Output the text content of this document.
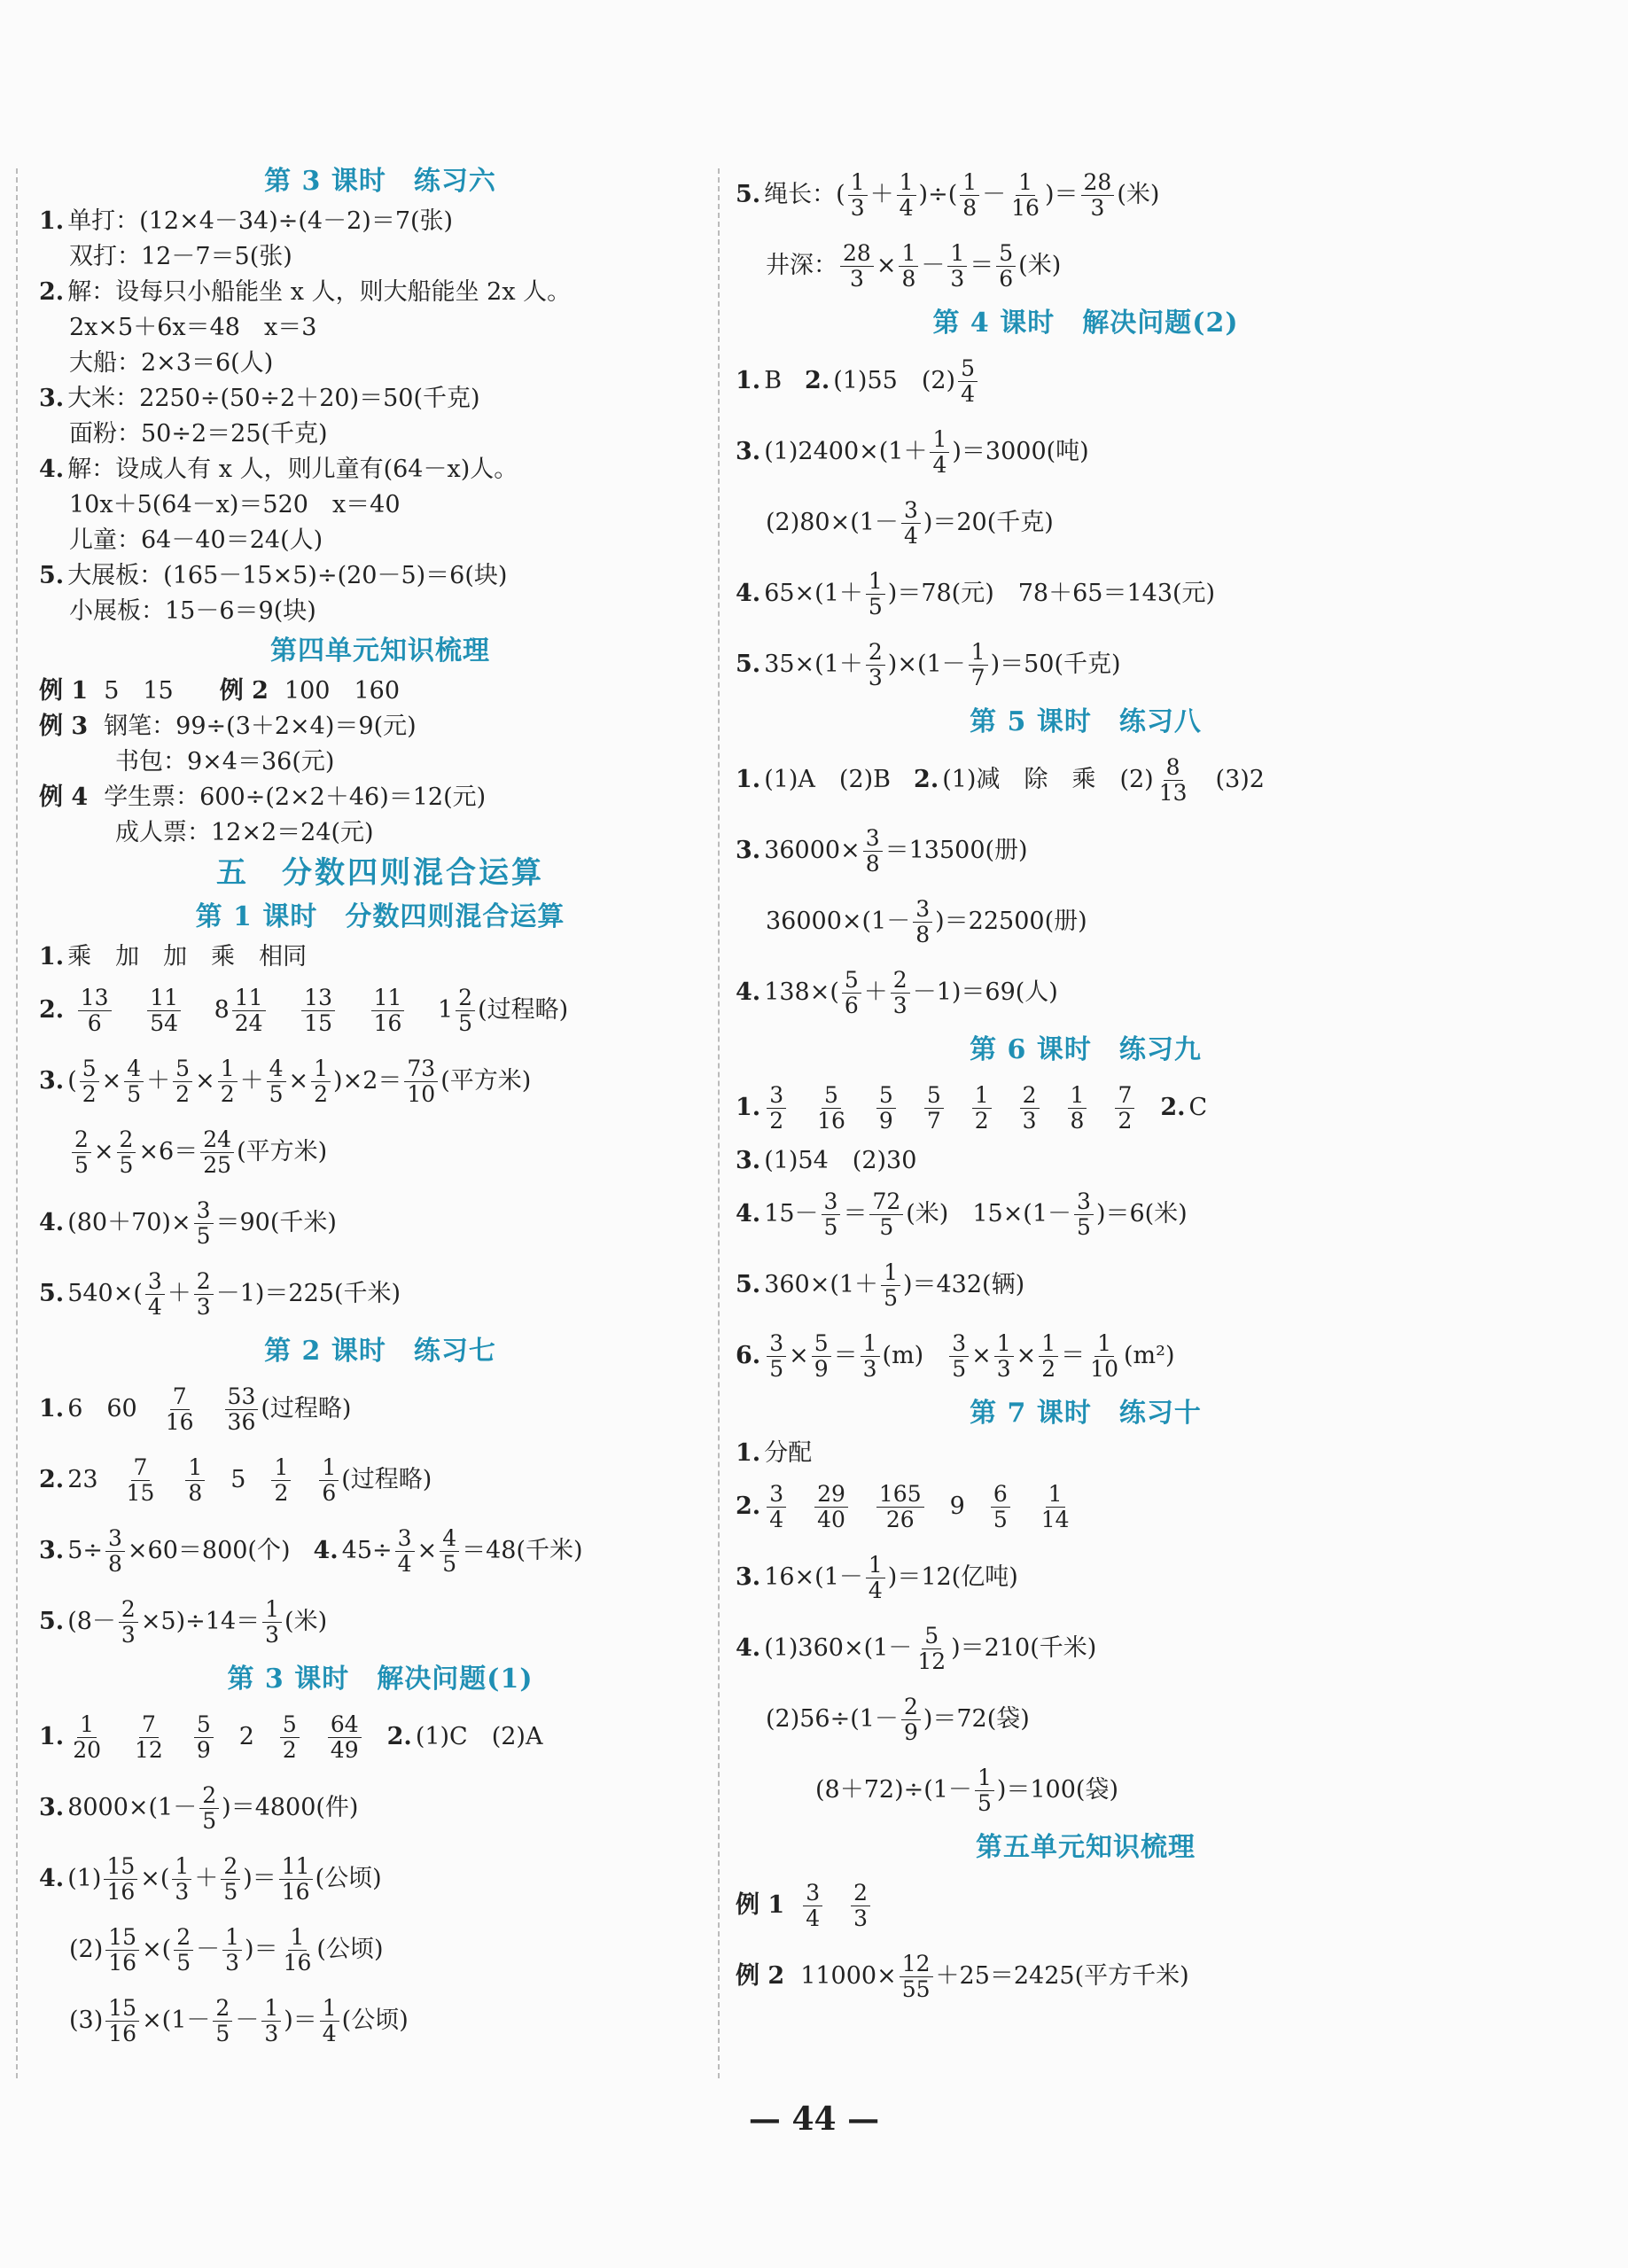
第 3 课时　练习六
1. 单打：(12×4－34)÷(4－2)＝7(张)
双打：12－7＝5(张)
2. 解：设每只小船能坐 x 人，则大船能坐 2x 人。
2x×5＋6x＝48　x＝3
大船：2×3＝6(人)
3. 大米：2250÷(50÷2＋20)＝50(千克)
面粉：50÷2＝25(千克)
4. 解：设成人有 x 人，则儿童有(64－x)人。
10x＋5(64－x)＝520　x＝40
儿童：64－40＝24(人)
5. 大展板：(165－15×5)÷(20－5)＝6(块)
小展板：15－6＝9(块)
第四单元知识梳理
例 1 5　15 例 2 100　160
例 3 钢笔：99÷(3＋2×4)＝9(元)
书包：9×4＝36(元)
例 4 学生票：600÷(2×2＋46)＝12(元)
成人票：12×2＝24(元)
五　分数四则混合运算
第 1 课时　分数四则混合运算
1. 乘　加　加　乘　相同
2. $\frac{13}{6}$
$\frac{11}{54} 8 \frac{11}{24}$
$\frac{13}{15}$
$\frac{11}{16} 1 \frac{2}{5}$ (过程略)
3. ( $\frac{5}{2} \times \frac{4}{5} + \frac{5}{2} \times \frac{1}{2} + \frac{4}{5} \times \frac{1}{2} )\times 2= \frac{73}{10}$ (平方米)
$\frac{2}{5} \times \frac{2}{5} \times 6= \frac{24}{25}$ (平方米)
4. $(80+70)\times \frac{3}{5} =90$(千米)
5. $540\times( \frac{3}{4} + \frac{2}{3} -1)=225$(千米)
第 2 课时　练习七
1. 6　$60 \frac{7}{16} \frac{53}{36}$ (过程略)
2. $23 \frac{7}{15} \frac{1}{8} 5 \frac{1}{2} \frac{1}{6}$ (过程略)
3. $5\div \frac{3}{8} \times 60=800$(个) 4. $45\div \frac{3}{4} \times \frac{4}{5} =48$(千米)
5. $(8- \frac{2}{3} \times 5)\div 14= \frac{1}{3}$ (米)
第 3 课时　解决问题(1)
1. $\frac{1}{20} \frac{7}{12} \frac{5}{9} 2 \frac{5}{2} \frac{64}{49} 2$. (1)C　(2)A
3. $8000\times(1- \frac{2}{5} )=4800$(件)
4. $(1) \frac{15}{16}$ ×( $\frac{1}{3} + \frac{2}{5}$ )＝ $\frac{11}{16}$ (公顷)
$(2) \frac{15}{16}$ ×( $\frac{2}{5} - \frac{1}{3}$ )＝ $\frac{1}{16}$ (公顷)
$(3) \frac{15}{16} \times(1- \frac{2}{5} - \frac{1}{3}$ )＝ $\frac{1}{4}$ (公顷)
5. 绳长：( $\frac{1}{3} + \frac{1}{4}$ )÷( $\frac{1}{8} - \frac{1}{16}$ )＝ $\frac{28}{3}$ (米)
井深： $\frac{28}{3} \times \frac{1}{8} - \frac{1}{3} = \frac{5}{6}$ (米)
第 4 课时　解决问题(2)
1. B 2. (1)55　$(2) \frac{5}{4}$
3. $(1)2400\times(1+ \frac{1}{4} )=3000$(吨)
$(2)80\times(1- \frac{3}{4} )=20$(千克)
4. $65\times(1+ \frac{1}{5} )=78$(元)　78＋65＝143(元)
5. $35\times(1+ \frac{2}{3} )\times(1- \frac{1}{7} )=50$(千克)
第 5 课时　练习八
1. (1)A　(2)B 2. (1)减　除　乘　$(2) \frac{8}{13} (3)2$
3. $36000\times \frac{3}{8} =13500$(册)
$36000\times(1- \frac{3}{8} )=22500$(册)
4. $138\times( \frac{5}{6} + \frac{2}{3} -1)=69$(人)
第 6 课时　练习九
1. $\frac{3}{2} \frac{5}{16} \frac{5}{9} \frac{5}{7} \frac{1}{2} \frac{2}{3} \frac{1}{8} \frac{7}{2} 2$. C
3. (1)54　(2)30
4. $15- \frac{3}{5} = \frac{72}{5}$ (米)　$15\times(1- \frac{3}{5} )=6$(米)
5. $360\times(1+ \frac{1}{5} )=432$(辆)
6. $\frac{3}{5} \times \frac{5}{9} = \frac{1}{3} (m) \frac{3}{5} \times \frac{1}{3} \times \frac{1}{2} = \frac{1}{10} (m^2)$
第 7 课时　练习十
1. 分配
2. $\frac{3}{4} \frac{29}{40} \frac{165}{26} 9 \frac{6}{5} \frac{1}{14}$
3. $16\times(1- \frac{1}{4} )=12$(亿吨)
4. $(1)360\times(1- \frac{5}{12} )=210$(千米)
$(2)56\div(1- \frac{2}{9} )=72$(袋)
$(8+72)\div(1- \frac{1}{5} )=100$(袋)
第五单元知识梳理
例 $1 \frac{3}{4} \frac{2}{3}$
例 2 $11000\times \frac{12}{55} +25=2425$(平方千米)
— 44 —
